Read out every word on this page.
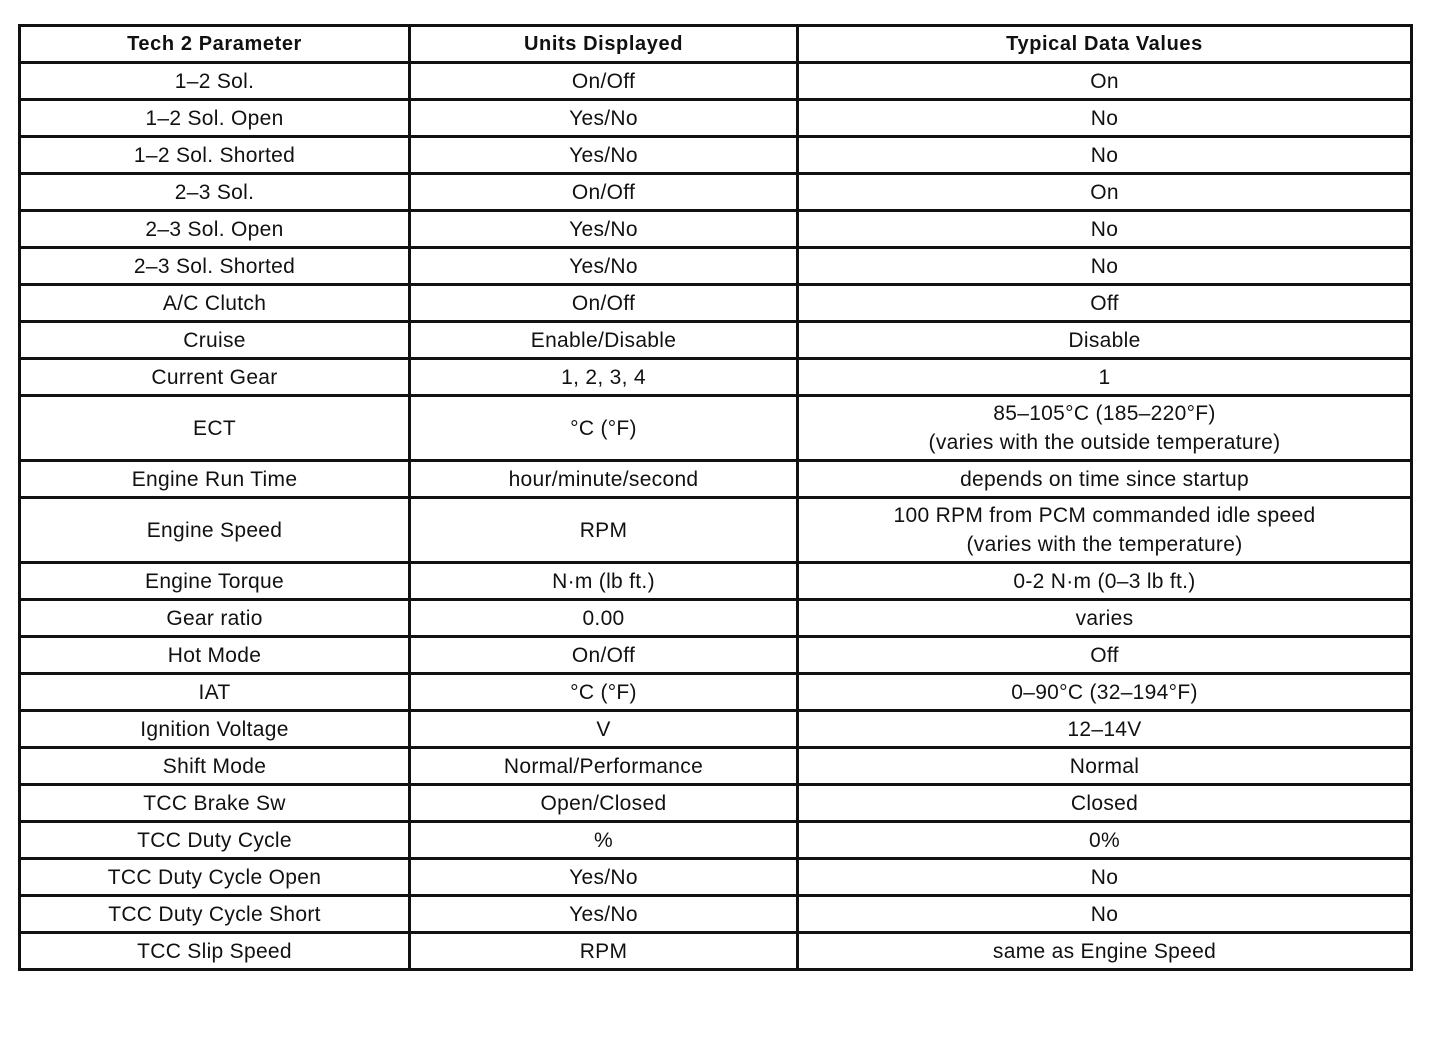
Tech 2 Parameter	Units Displayed	Typical Data Values
1–2 Sol.	On/Off	On

1–2 Sol. Open	Yes/No	No

1–2 Sol. Shorted	Yes/No	No

2–3 Sol.	On/Off	On

2–3 Sol. Open	Yes/No	No

2–3 Sol. Shorted	Yes/No	No

A/C Clutch	On/Off	Off

Cruise	Enable/Disable	Disable

Current Gear	1, 2, 3, 4	1

ECT	°C (°F)	85–105°C (185–220°F)
(varies with the outside temperature)

Engine Run Time	hour/minute/second	depends on time since startup

Engine Speed	RPM	100 RPM from PCM commanded idle speed
(varies with the temperature)

Engine Torque	N·m (lb ft.)	0-2 N·m (0–3 lb ft.)

Gear ratio	0.00	varies

Hot Mode	On/Off	Off

IAT	°C (°F)	0–90°C (32–194°F)

Ignition Voltage	V	12–14V

Shift Mode	Normal/Performance	Normal

TCC Brake Sw	Open/Closed	Closed

TCC Duty Cycle	%	0%

TCC Duty Cycle Open	Yes/No	No

TCC Duty Cycle Short	Yes/No	No

TCC Slip Speed	RPM	same as Engine Speed
